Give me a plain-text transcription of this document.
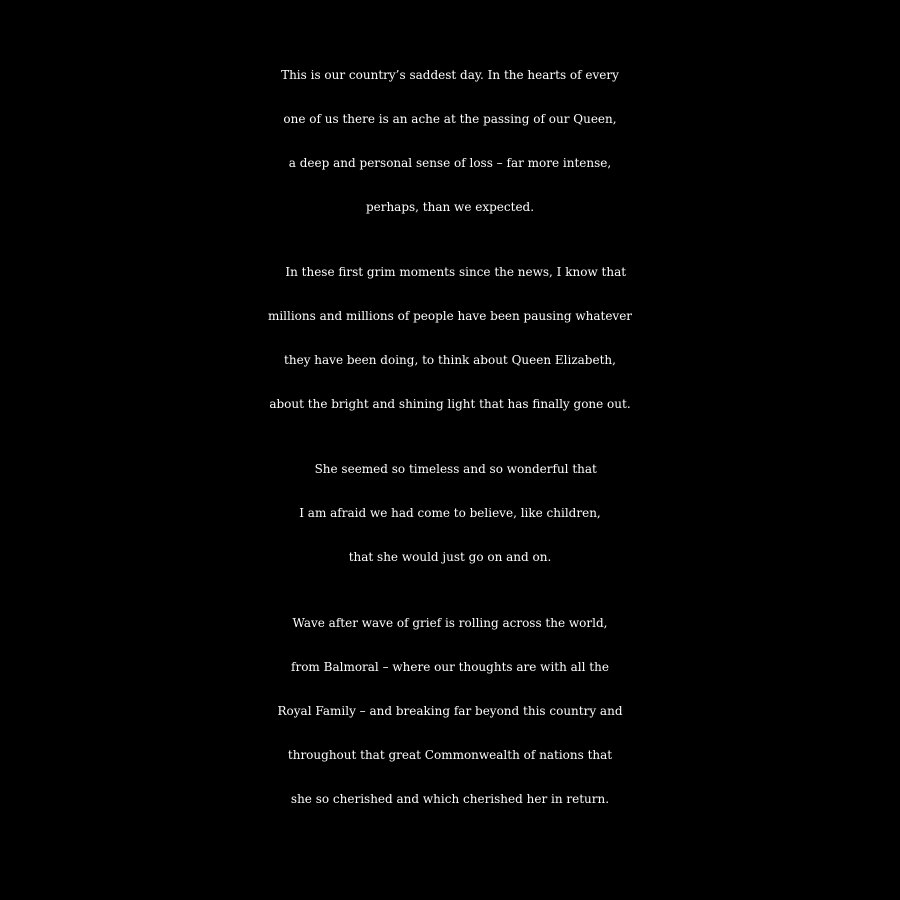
This is our country’s saddest day. In the hearts of every
one of us there is an ache at the passing of our Queen,
a deep and personal sense of loss – far more intense,
perhaps, than we expected.

In these first grim moments since the news, I know that
millions and millions of people have been pausing whatever
they have been doing, to think about Queen Elizabeth,
about the bright and shining light that has finally gone out.

She seemed so timeless and so wonderful that
I am afraid we had come to believe, like children,
that she would just go on and on.

Wave after wave of grief is rolling across the world,
from Balmoral – where our thoughts are with all the
Royal Family – and breaking far beyond this country and
throughout that great Commonwealth of nations that
she so cherished and which cherished her in return.
